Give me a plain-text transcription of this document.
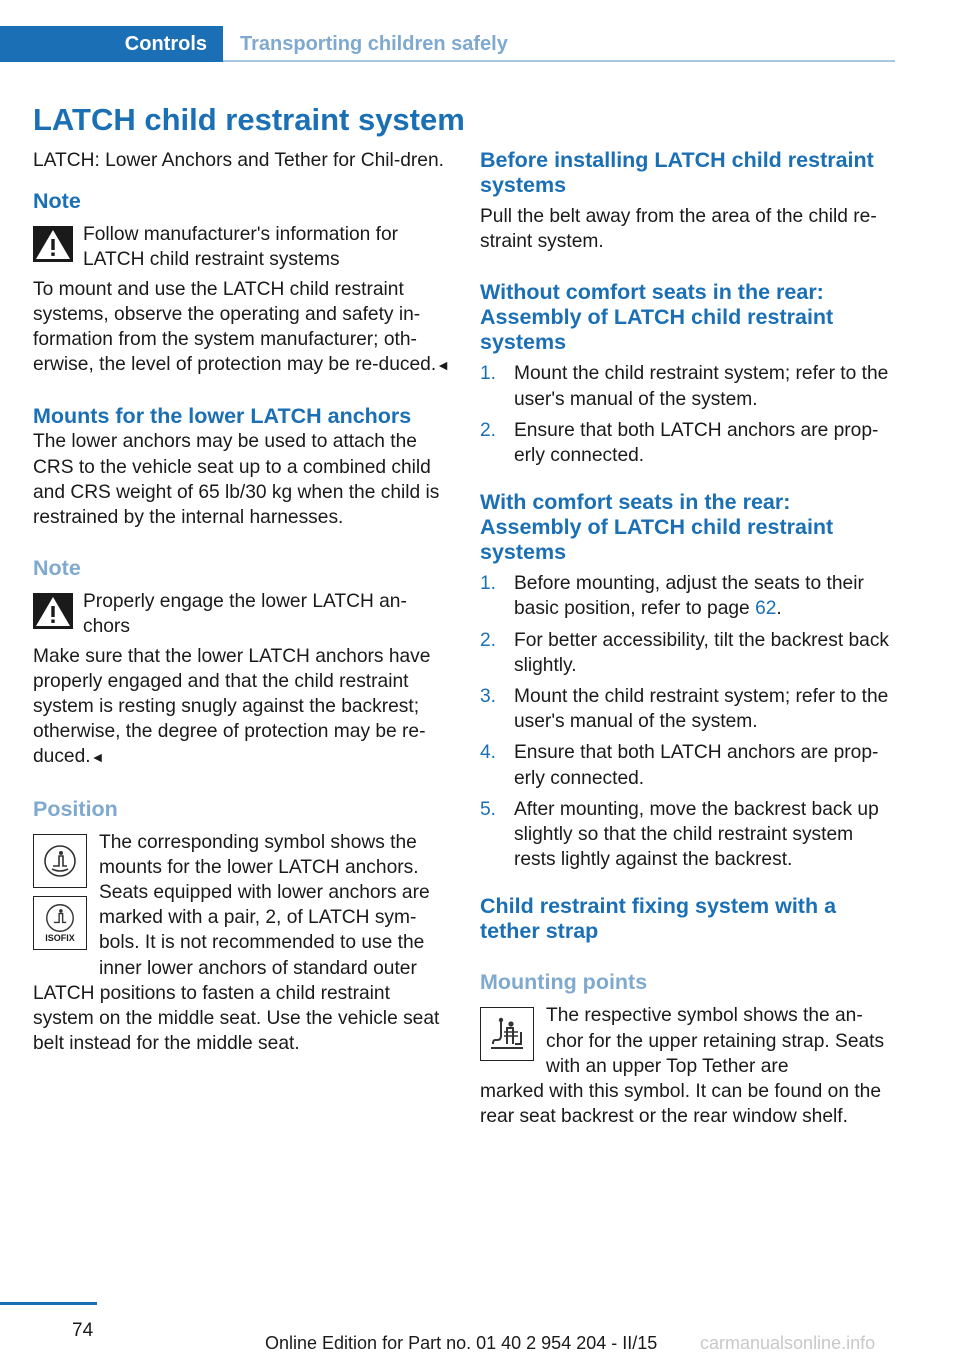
Controls	Transporting children safely
LATCH child restraint system

LATCH: Lower Anchors and Tether for Chil-dren.

Note
Follow manufacturer's information for LATCH child restraint systems

To mount and use the LATCH child restraint systems, observe the operating and safety in-formation from the system manufacturer; oth-erwise, the level of protection may be re-duced.◄

Mounts for the lower LATCH anchors

The lower anchors may be used to attach the CRS to the vehicle seat up to a combined child and CRS weight of 65 lb/30 kg when the child is restrained by the internal harnesses.

Note
Properly engage the lower LATCH an-chors

Make sure that the lower LATCH anchors have properly engaged and that the child restraint system is resting snugly against the backrest; otherwise, the degree of protection may be re-duced.◄

Position
ISOFIX

The corresponding symbol shows the mounts for the lower LATCH anchors. Seats equipped with lower anchors are marked with a pair, 2, of LATCH sym-bols. It is not recommended to use the inner lower anchors of standard outer

LATCH positions to fasten a child restraint system on the middle seat. Use the vehicle seat belt instead for the middle seat.

Before installing LATCH child restraint systems

Pull the belt away from the area of the child re-straint system.

Without comfort seats in the rear: Assembly of LATCH child restraint systems
1. Mount the child restraint system; refer to the user's manual of the system.
2. Ensure that both LATCH anchors are prop-erly connected.
With comfort seats in the rear: Assembly of LATCH child restraint systems
1. Before mounting, adjust the seats to their basic position, refer to page 62.
2. For better accessibility, tilt the backrest back slightly.
3. Mount the child restraint system; refer to the user's manual of the system.
4. Ensure that both LATCH anchors are prop-erly connected.
5. After mounting, move the backrest back up slightly so that the child restraint system rests lightly against the backrest.
Child restraint fixing system with a tether strap
Mounting points

The respective symbol shows the an-chor for the upper retaining strap. Seats with an upper Top Tether are

marked with this symbol. It can be found on the rear seat backrest or the rear window shelf.

74
Online Edition for Part no. 01 40 2 954 204 - II/15 carmanualsonline.info
